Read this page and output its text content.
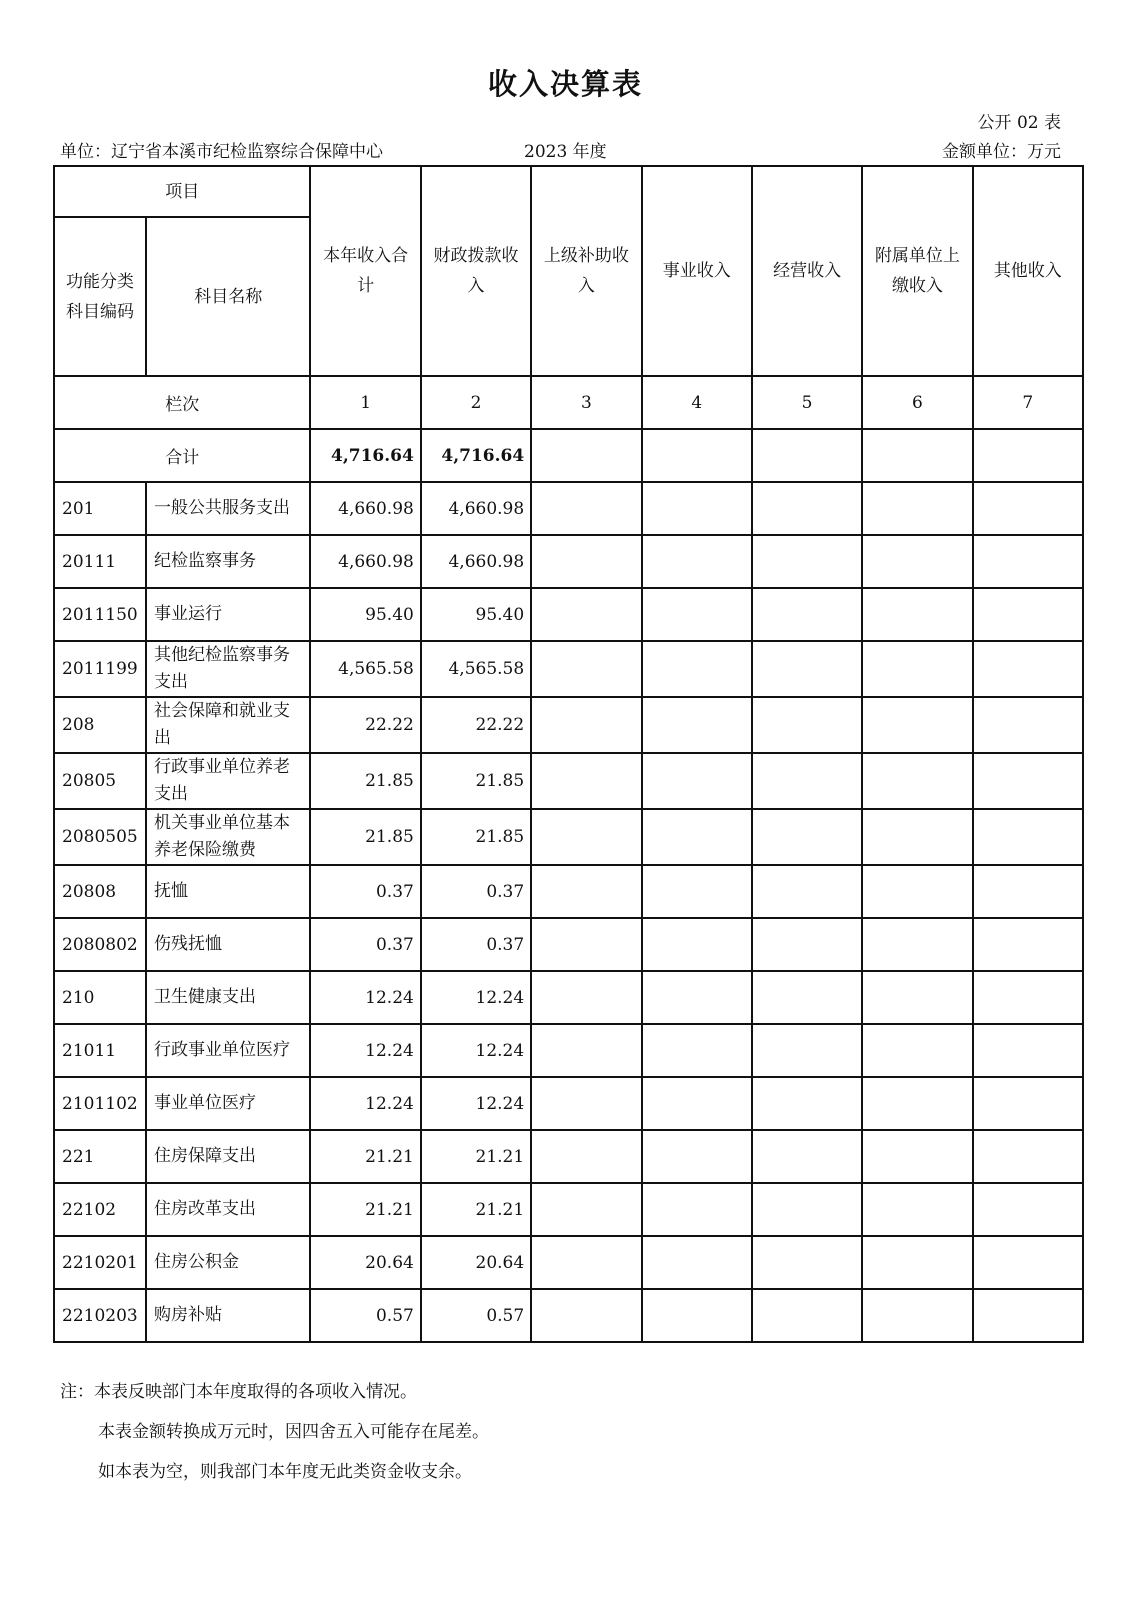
收入决算表
公开 02 表
单位：辽宁省本溪市纪检监察综合保障中心	2023 年度	金额单位：万元
项目		本年收入合计	财政拨款收入	上级补助收入	事业收入	经营收入	附属单位上缴收入	其他收入
功能分类科目编码	科目名称							
栏次		1	2	3	4	5	6	7
合计		4,716.64	4,716.64					
201	一般公共服务支出	4,660.98	4,660.98					
20111	纪检监察事务	4,660.98	4,660.98					
2011150	事业运行	95.40	95.40					
2011199	其他纪检监察事务支出	4,565.58	4,565.58					
208	社会保障和就业支出	22.22	22.22					
20805	行政事业单位养老支出	21.85	21.85					
2080505	机关事业单位基本养老保险缴费	21.85	21.85					
20808	抚恤	0.37	0.37					
2080802	伤残抚恤	0.37	0.37					
210	卫生健康支出	12.24	12.24					
21011	行政事业单位医疗	12.24	12.24					
2101102	事业单位医疗	12.24	12.24					
221	住房保障支出	21.21	21.21					
22102	住房改革支出	21.21	21.21					
2210201	住房公积金	20.64	20.64					
2210203	购房补贴	0.57	0.57					
注：本表反映部门本年度取得的各项收入情况。
本表金额转换成万元时，因四舍五入可能存在尾差。
如本表为空，则我部门本年度无此类资金收支余。
